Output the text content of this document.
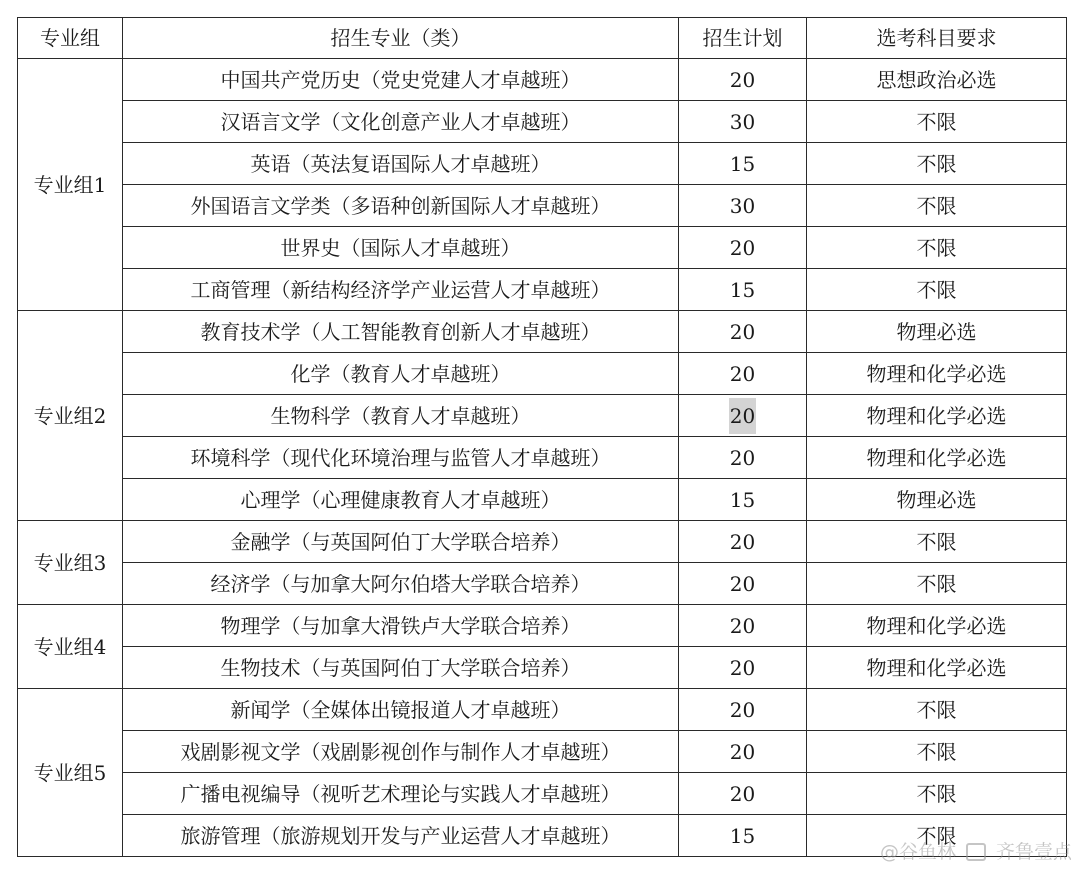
专业组	招生专业（类）	招生计划	选考科目要求
专业组1	中国共产党历史（党史党建人才卓越班）	20	思想政治必选
	汉语言文学（文化创意产业人才卓越班）	30	不限
	英语（英法复语国际人才卓越班）	15	不限
	外国语言文学类（多语种创新国际人才卓越班）	30	不限
	世界史（国际人才卓越班）	20	不限
	工商管理（新结构经济学产业运营人才卓越班）	15	不限
专业组2	教育技术学（人工智能教育创新人才卓越班）	20	物理必选
	化学（教育人才卓越班）	20	物理和化学必选
	生物科学（教育人才卓越班）	20	物理和化学必选
	环境科学（现代化环境治理与监管人才卓越班）	20	物理和化学必选
	心理学（心理健康教育人才卓越班）	15	物理必选
专业组3	金融学（与英国阿伯丁大学联合培养）	20	不限
	经济学（与加拿大阿尔伯塔大学联合培养）	20	不限
专业组4	物理学（与加拿大滑铁卢大学联合培养）	20	物理和化学必选
	生物技术（与英国阿伯丁大学联合培养）	20	物理和化学必选
专业组5	新闻学（全媒体出镜报道人才卓越班）	20	不限
	戏剧影视文学（戏剧影视创作与制作人才卓越班）	20	不限
	广播电视编导（视听艺术理论与实践人才卓越班）	20	不限
	旅游管理（旅游规划开发与产业运营人才卓越班）	15	不限
@谷鱼林 齐鲁壹点
